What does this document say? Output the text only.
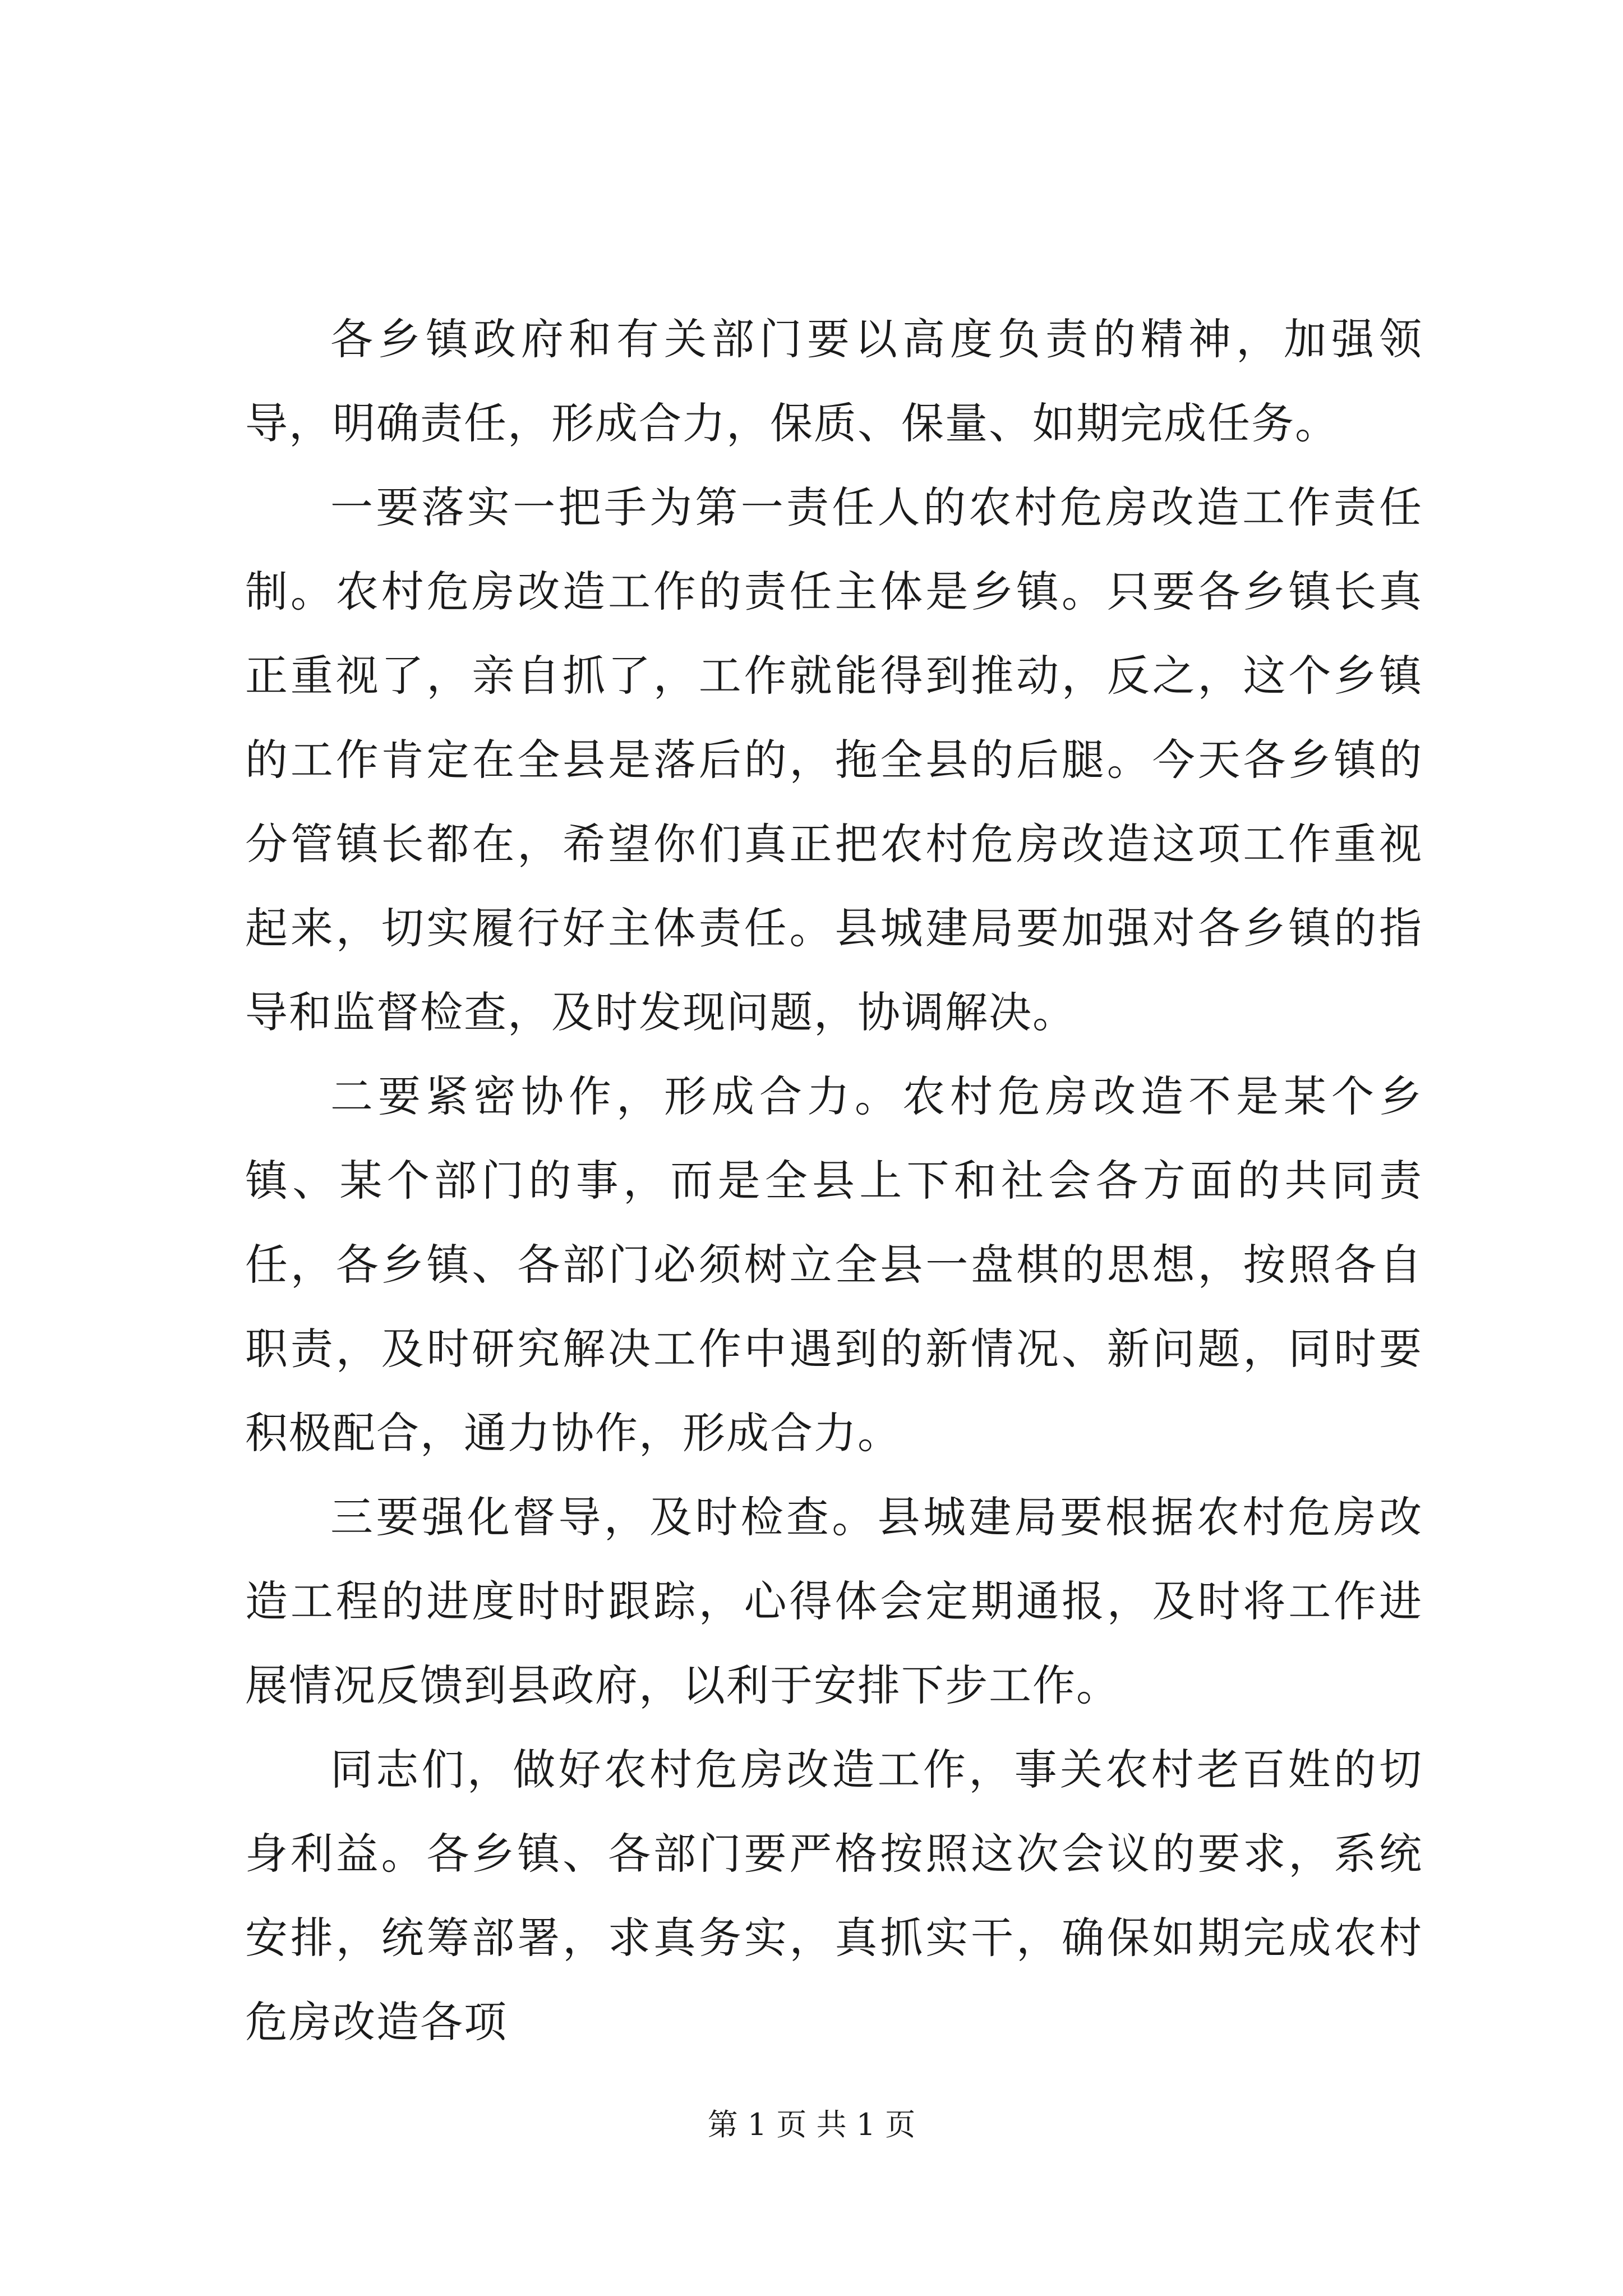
各乡镇政府和有关部门要以高度负责的精神，加强领导，明确责任，形成合力，保质、保量、如期完成任务。

一要落实一把手为第一责任人的农村危房改造工作责任制。农村危房改造工作的责任主体是乡镇。只要各乡镇长真正重视了，亲自抓了，工作就能得到推动，反之，这个乡镇的工作肯定在全县是落后的，拖全县的后腿。今天各乡镇的分管镇长都在，希望你们真正把农村危房改造这项工作重视起来，切实履行好主体责任。县城建局要加强对各乡镇的指导和监督检查，及时发现问题，协调解决。

二要紧密协作，形成合力。农村危房改造不是某个乡镇、某个部门的事，而是全县上下和社会各方面的共同责任，各乡镇、各部门必须树立全县一盘棋的思想，按照各自职责，及时研究解决工作中遇到的新情况、新问题，同时要积极配合，通力协作，形成合力。

三要强化督导，及时检查。县城建局要根据农村危房改造工程的进度时时跟踪，心得体会定期通报，及时将工作进展情况反馈到县政府，以利于安排下步工作。

同志们，做好农村危房改造工作，事关农村老百姓的切身利益。各乡镇、各部门要严格按照这次会议的要求，系统安排，统筹部署，求真务实，真抓实干，确保如期完成农村危房改造各项

第 1 页 共 1 页
